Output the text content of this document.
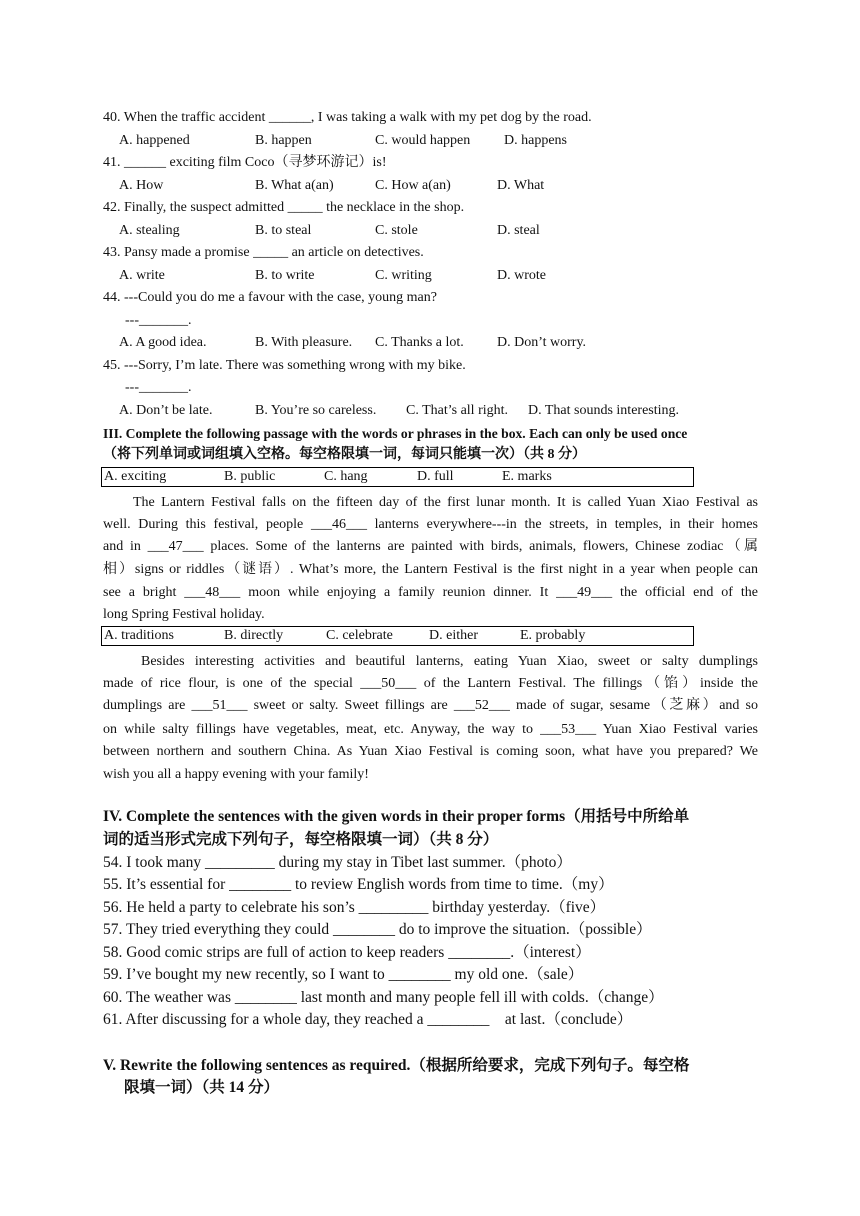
40. When the traffic accident ______, I was taking a walk with my pet dog by the road.
A. happened	B. happen	C. would happen D. happens
41. ______ exciting film Coco（寻梦环游记）is!
A. How	B. What a(an)	C. How a(an)	D. What
42. Finally, the suspect admitted _____ the necklace in the shop.
A. stealing	B. to steal	C. stole	D. steal
43. Pansy made a promise _____ an article on detectives.
A. write	B. to write	C. writing	D. wrote
44. ---Could you do me a favour with the case, young man?
---_______.
A. A good idea.	B. With pleasure. C. Thanks a lot. D. Don’t worry.
45. ---Sorry, I’m late. There was something wrong with my bike.
---_______.
A. Don’t be late.	B. You’re so careless. C. That’s all right. D. That sounds interesting.
III. Complete the following passage with the words or phrases in the box. Each can only be used once
（将下列单词或词组填入空格。每空格限填一词，每词只能填一次）（共 8 分）
A. exciting	B. public	C. hang	D. full	E. marks
The Lantern Festival falls on the fifteen day of the first lunar month. It is called Yuan Xiao Festival as
well. During this festival, people ___46___ lanterns everywhere---in the streets, in temples, in their homes
and in ___47___ places. Some of the lanterns are painted with birds, animals, flowers, Chinese zodiac（属
相）signs or riddles（谜语）. What’s more, the Lantern Festival is the first night in a year when people can
see a bright ___48___ moon while enjoying a family reunion dinner. It ___49___ the official end of the
long Spring Festival holiday.
A. traditions	B. directly	C. celebrate	D. either	E. probably
Besides interesting activities and beautiful lanterns, eating Yuan Xiao, sweet or salty dumplings
made of rice flour, is one of the special ___50___ of the Lantern Festival. The fillings（馅）inside the
dumplings are ___51___ sweet or salty. Sweet fillings are ___52___ made of sugar, sesame（芝麻）and so
on while salty fillings have vegetables, meat, etc. Anyway, the way to ___53___ Yuan Xiao Festival varies
between northern and southern China. As Yuan Xiao Festival is coming soon, what have you prepared? We
wish you all a happy evening with your family!
IV. Complete the sentences with the given words in their proper forms（用括号中所给单
词的适当形式完成下列句子，每空格限填一词）（共 8 分）
54. I took many _________ during my stay in Tibet last summer.（photo）
55. It’s essential for ________ to review English words from time to time.（my）
56. He held a party to celebrate his son’s _________ birthday yesterday.（five）
57. They tried everything they could ________ do to improve the situation.（possible）
58. Good comic strips are full of action to keep readers ________.（interest）
59. I’ve bought my new recently, so I want to ________ my old one.（sale）
60. The weather was ________ last month and many people fell ill with colds.（change）
61. After discussing for a whole day, they reached a ________    at last.（conclude）
V. Rewrite the following sentences as required.（根据所给要求，完成下列句子。每空格
限填一词）（共 14 分）
